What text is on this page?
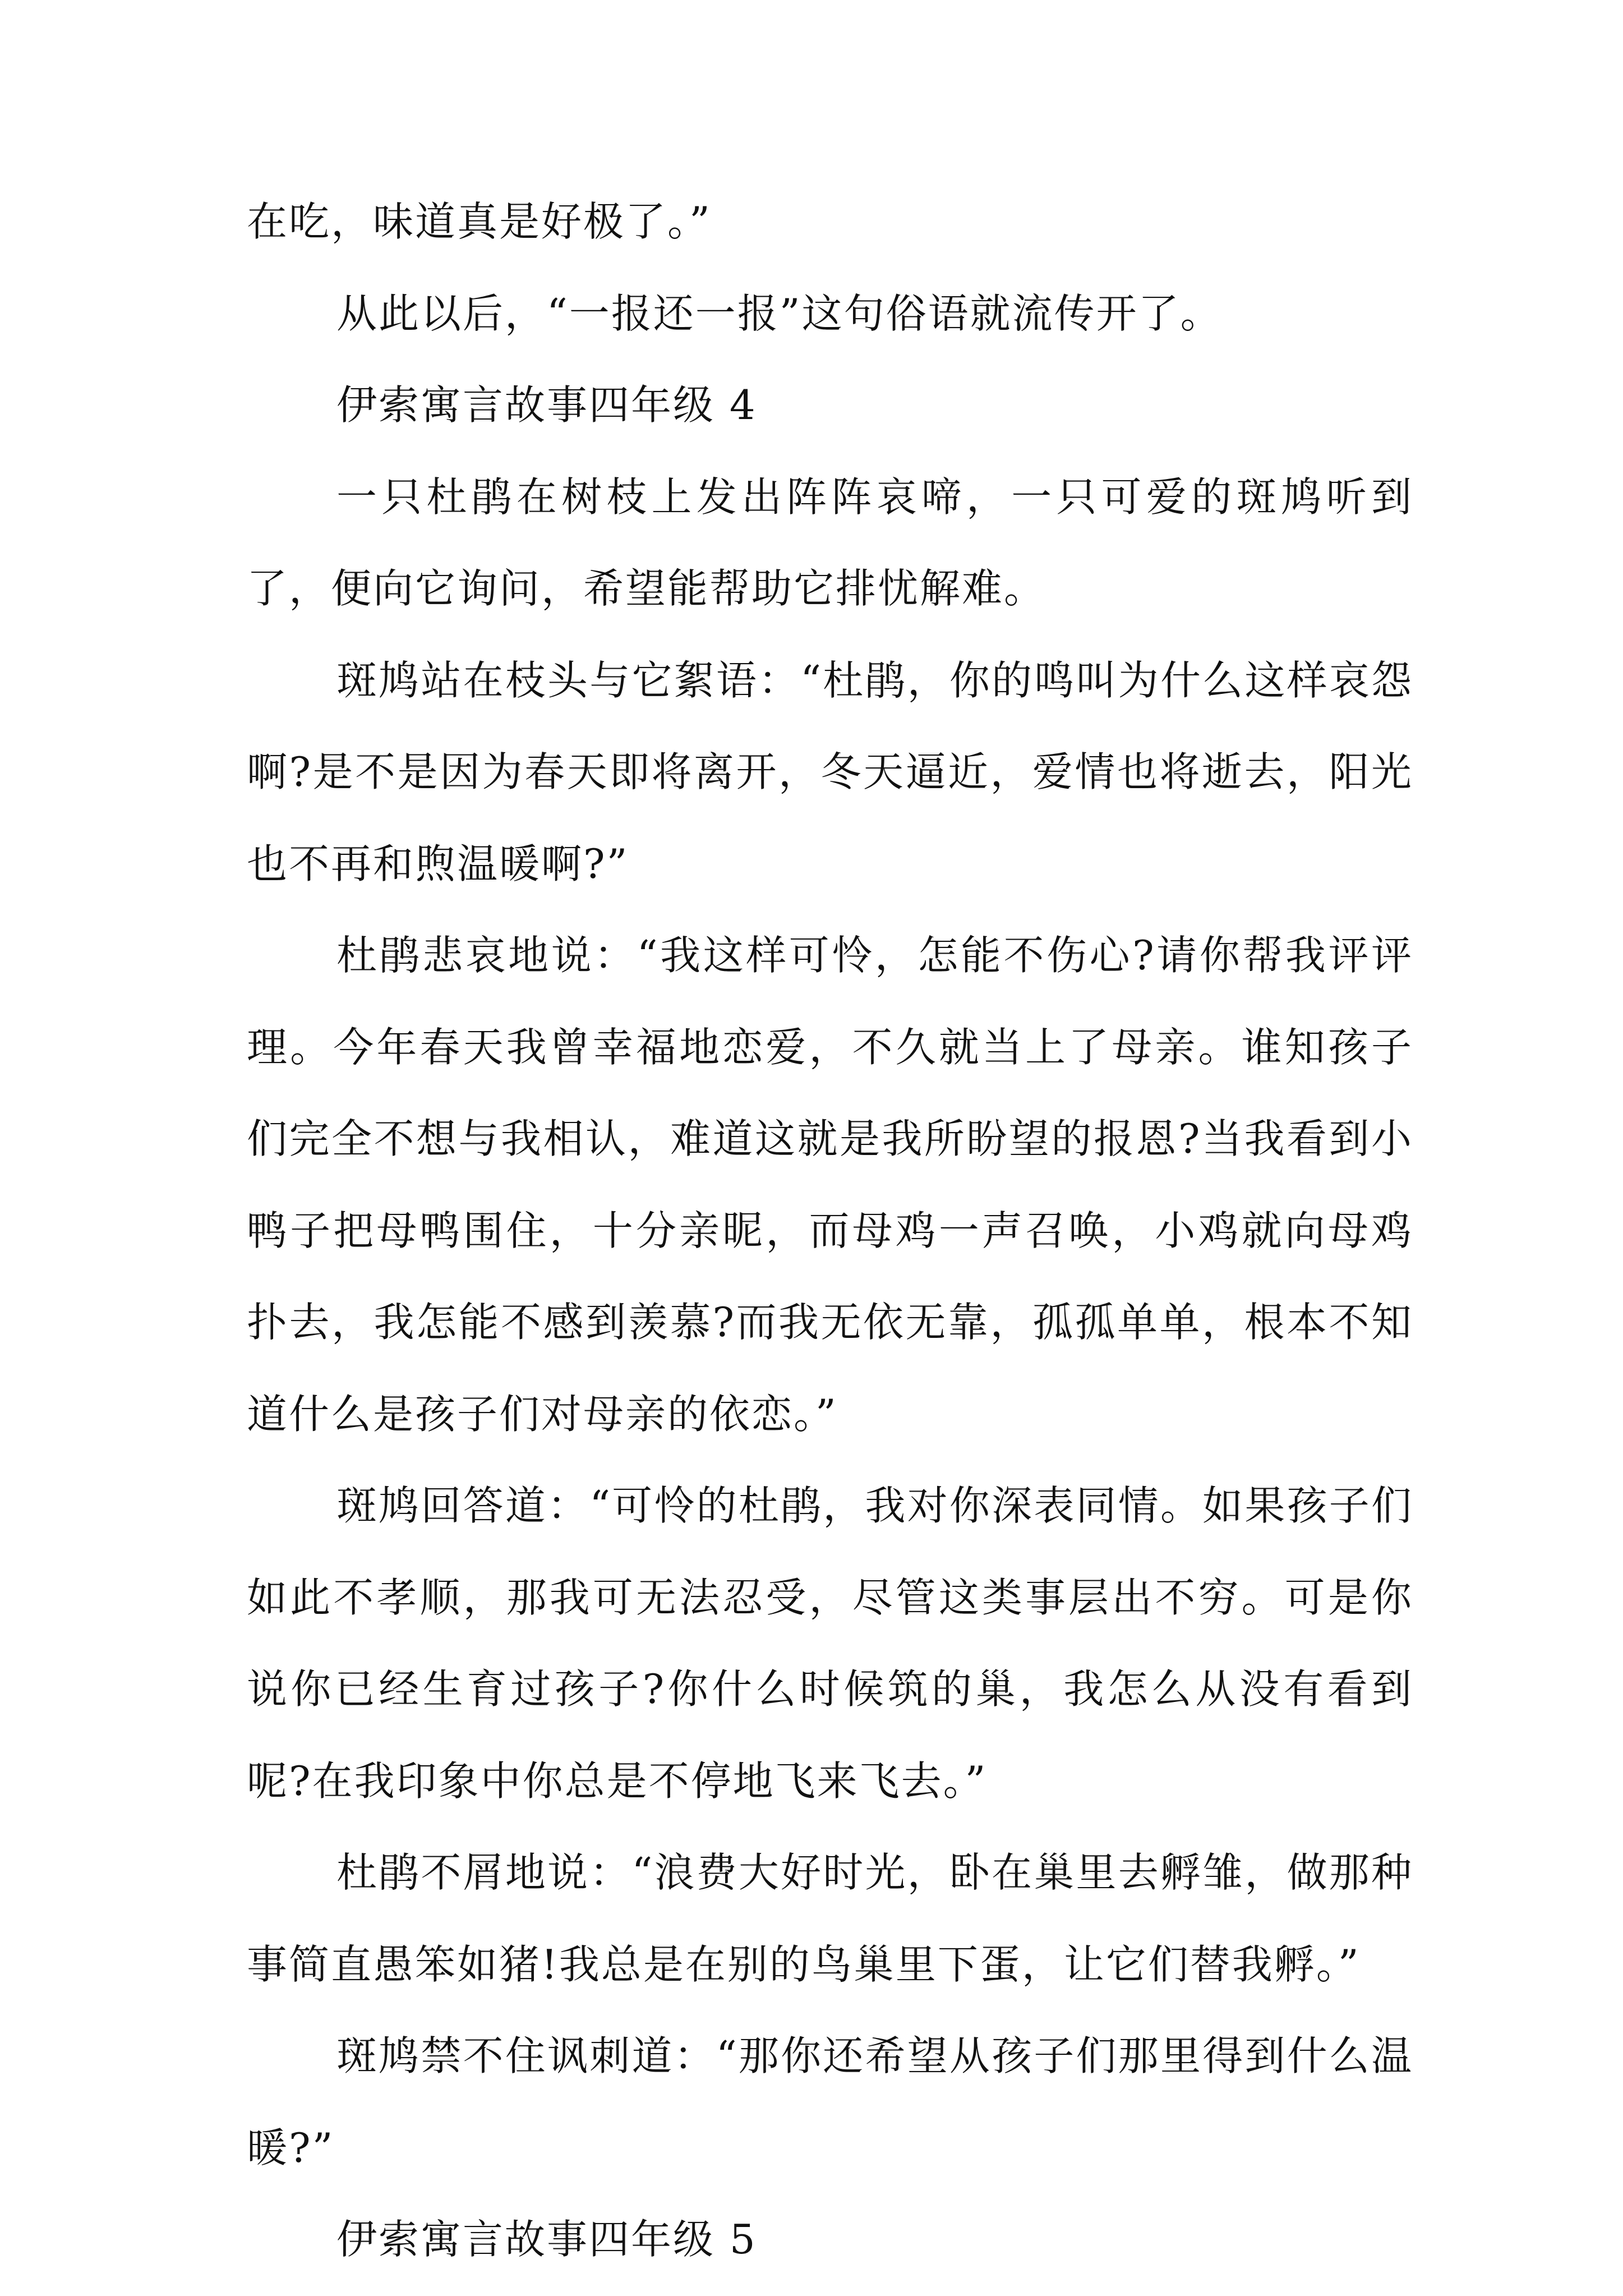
在吃，味道真是好极了。”

从此以后，“一报还一报”这句俗语就流传开了。

伊索寓言故事四年级 4

一只杜鹃在树枝上发出阵阵哀啼，一只可爱的斑鸠听到了，便向它询问，希望能帮助它排忧解难。

斑鸠站在枝头与它絮语：“杜鹃，你的鸣叫为什么这样哀怨啊?是不是因为春天即将离开，冬天逼近，爱情也将逝去，阳光也不再和煦温暖啊?”

杜鹃悲哀地说：“我这样可怜，怎能不伤心?请你帮我评评理。今年春天我曾幸福地恋爱，不久就当上了母亲。谁知孩子们完全不想与我相认，难道这就是我所盼望的报恩?当我看到小鸭子把母鸭围住，十分亲昵，而母鸡一声召唤，小鸡就向母鸡扑去，我怎能不感到羡慕?而我无依无靠，孤孤单单，根本不知道什么是孩子们对母亲的依恋。”

斑鸠回答道：“可怜的杜鹃，我对你深表同情。如果孩子们如此不孝顺，那我可无法忍受，尽管这类事层出不穷。可是你说你已经生育过孩子?你什么时候筑的巢，我怎么从没有看到呢?在我印象中你总是不停地飞来飞去。”

杜鹃不屑地说：“浪费大好时光，卧在巢里去孵雏，做那种事简直愚笨如猪!我总是在别的鸟巢里下蛋，让它们替我孵。”

斑鸠禁不住讽刺道：“那你还希望从孩子们那里得到什么温暖?”

伊索寓言故事四年级 5
